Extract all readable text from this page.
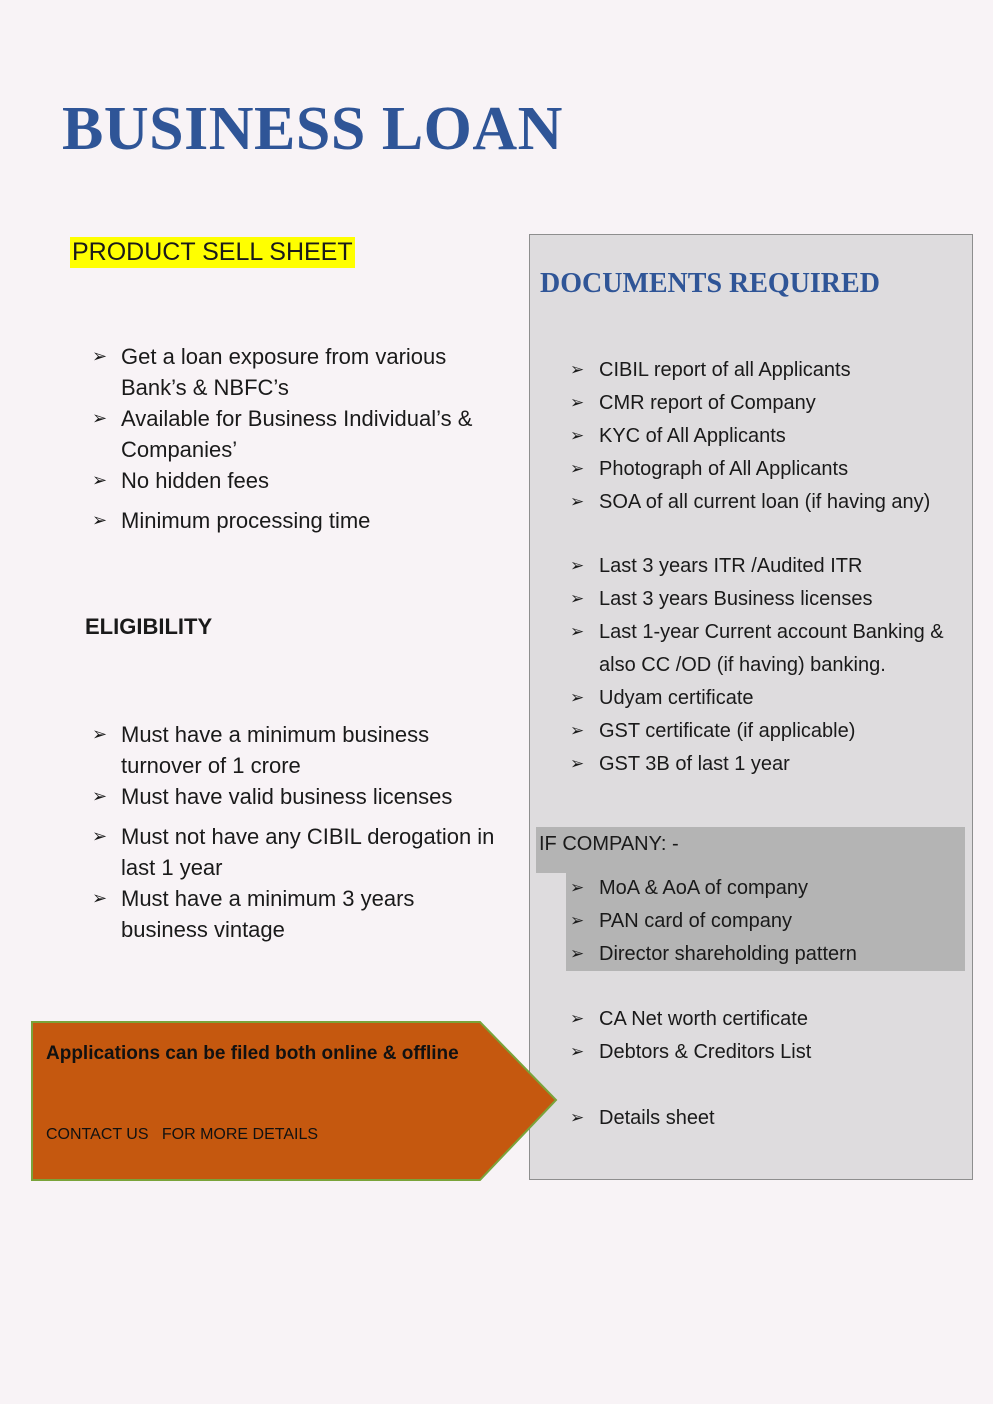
BUSINESS LOAN
PRODUCT SELL SHEET
➢ Get a loan exposure from various Bank’s & NBFC’s
➢ Available for Business Individual’s & Companies’
➢ No hidden fees
➢ Minimum processing time
ELIGIBILITY
➢ Must have a minimum business turnover of 1 crore
➢ Must have valid business licenses
➢ Must not have any CIBIL derogation in last 1 year
➢ Must have a minimum 3 years business vintage
DOCUMENTS REQUIRED
➢ CIBIL report of all Applicants
➢ CMR report of Company
➢ KYC of All Applicants
➢ Photograph of All Applicants
➢ SOA of all current loan (if having any)
➢ Last 3 years ITR /Audited ITR
➢ Last 3 years Business licenses
➢ Last 1-year Current account Banking & also CC /OD (if having) banking.
➢ Udyam certificate
➢ GST certificate (if applicable)
➢ GST 3B of last 1 year
IF COMPANY: -
➢ MoA & AoA of company
➢ PAN card of company
➢ Director shareholding pattern
➢ CA Net worth certificate
➢ Debtors & Creditors List
➢ Details sheet
Applications can be filed both online & offline
CONTACT US   FOR MORE DETAILS
